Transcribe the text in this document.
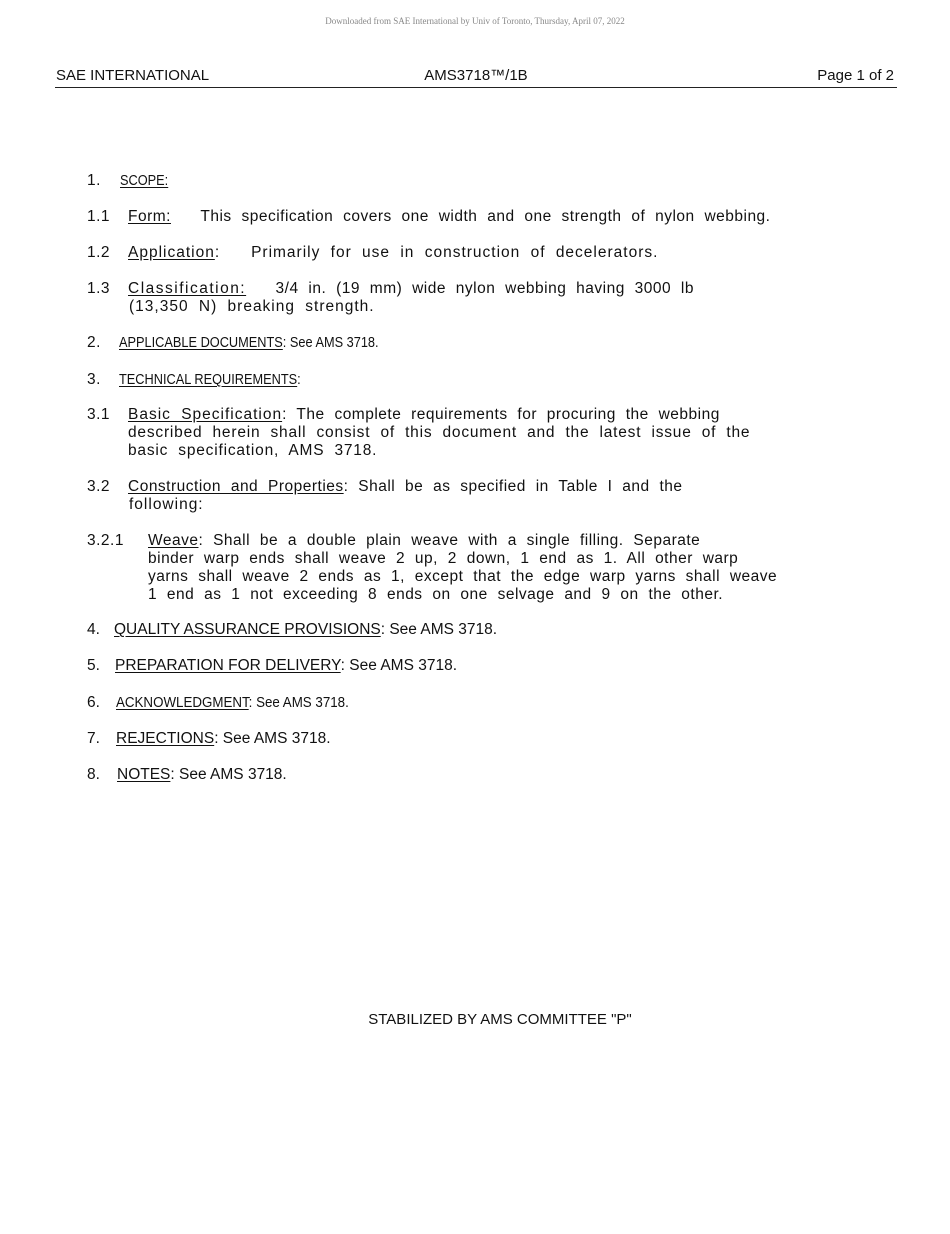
Downloaded from SAE International by Univ of Toronto, Thursday, April 07, 2022
SAE INTERNATIONAL	AMS3718™/1B	Page 1 of 2
1. SCOPE:
1.1 Form: This specification covers one width and one strength of nylon webbing.
1.2 Application: Primarily for use in construction of decelerators.
1.3 Classification: 3/4 in. (19 mm) wide nylon webbing having 3000 lb
(13,350 N) breaking strength.
2. APPLICABLE DOCUMENTS: See AMS 3718.
3. TECHNICAL REQUIREMENTS:
3.1 Basic Specification: The complete requirements for procuring the webbing
described herein shall consist of this document and the latest issue of the
basic specification, AMS 3718.
3.2 Construction and Properties: Shall be as specified in Table I and the
following:
3.2.1 Weave: Shall be a double plain weave with a single filling. Separate
binder warp ends shall weave 2 up, 2 down, 1 end as 1. All other warp
yarns shall weave 2 ends as 1, except that the edge warp yarns shall weave
1 end as 1 not exceeding 8 ends on one selvage and 9 on the other.
4. QUALITY ASSURANCE PROVISIONS: See AMS 3718.
5. PREPARATION FOR DELIVERY: See AMS 3718.
6. ACKNOWLEDGMENT: See AMS 3718.
7. REJECTIONS: See AMS 3718.
8. NOTES: See AMS 3718.
STABILIZED BY AMS COMMITTEE "P"
